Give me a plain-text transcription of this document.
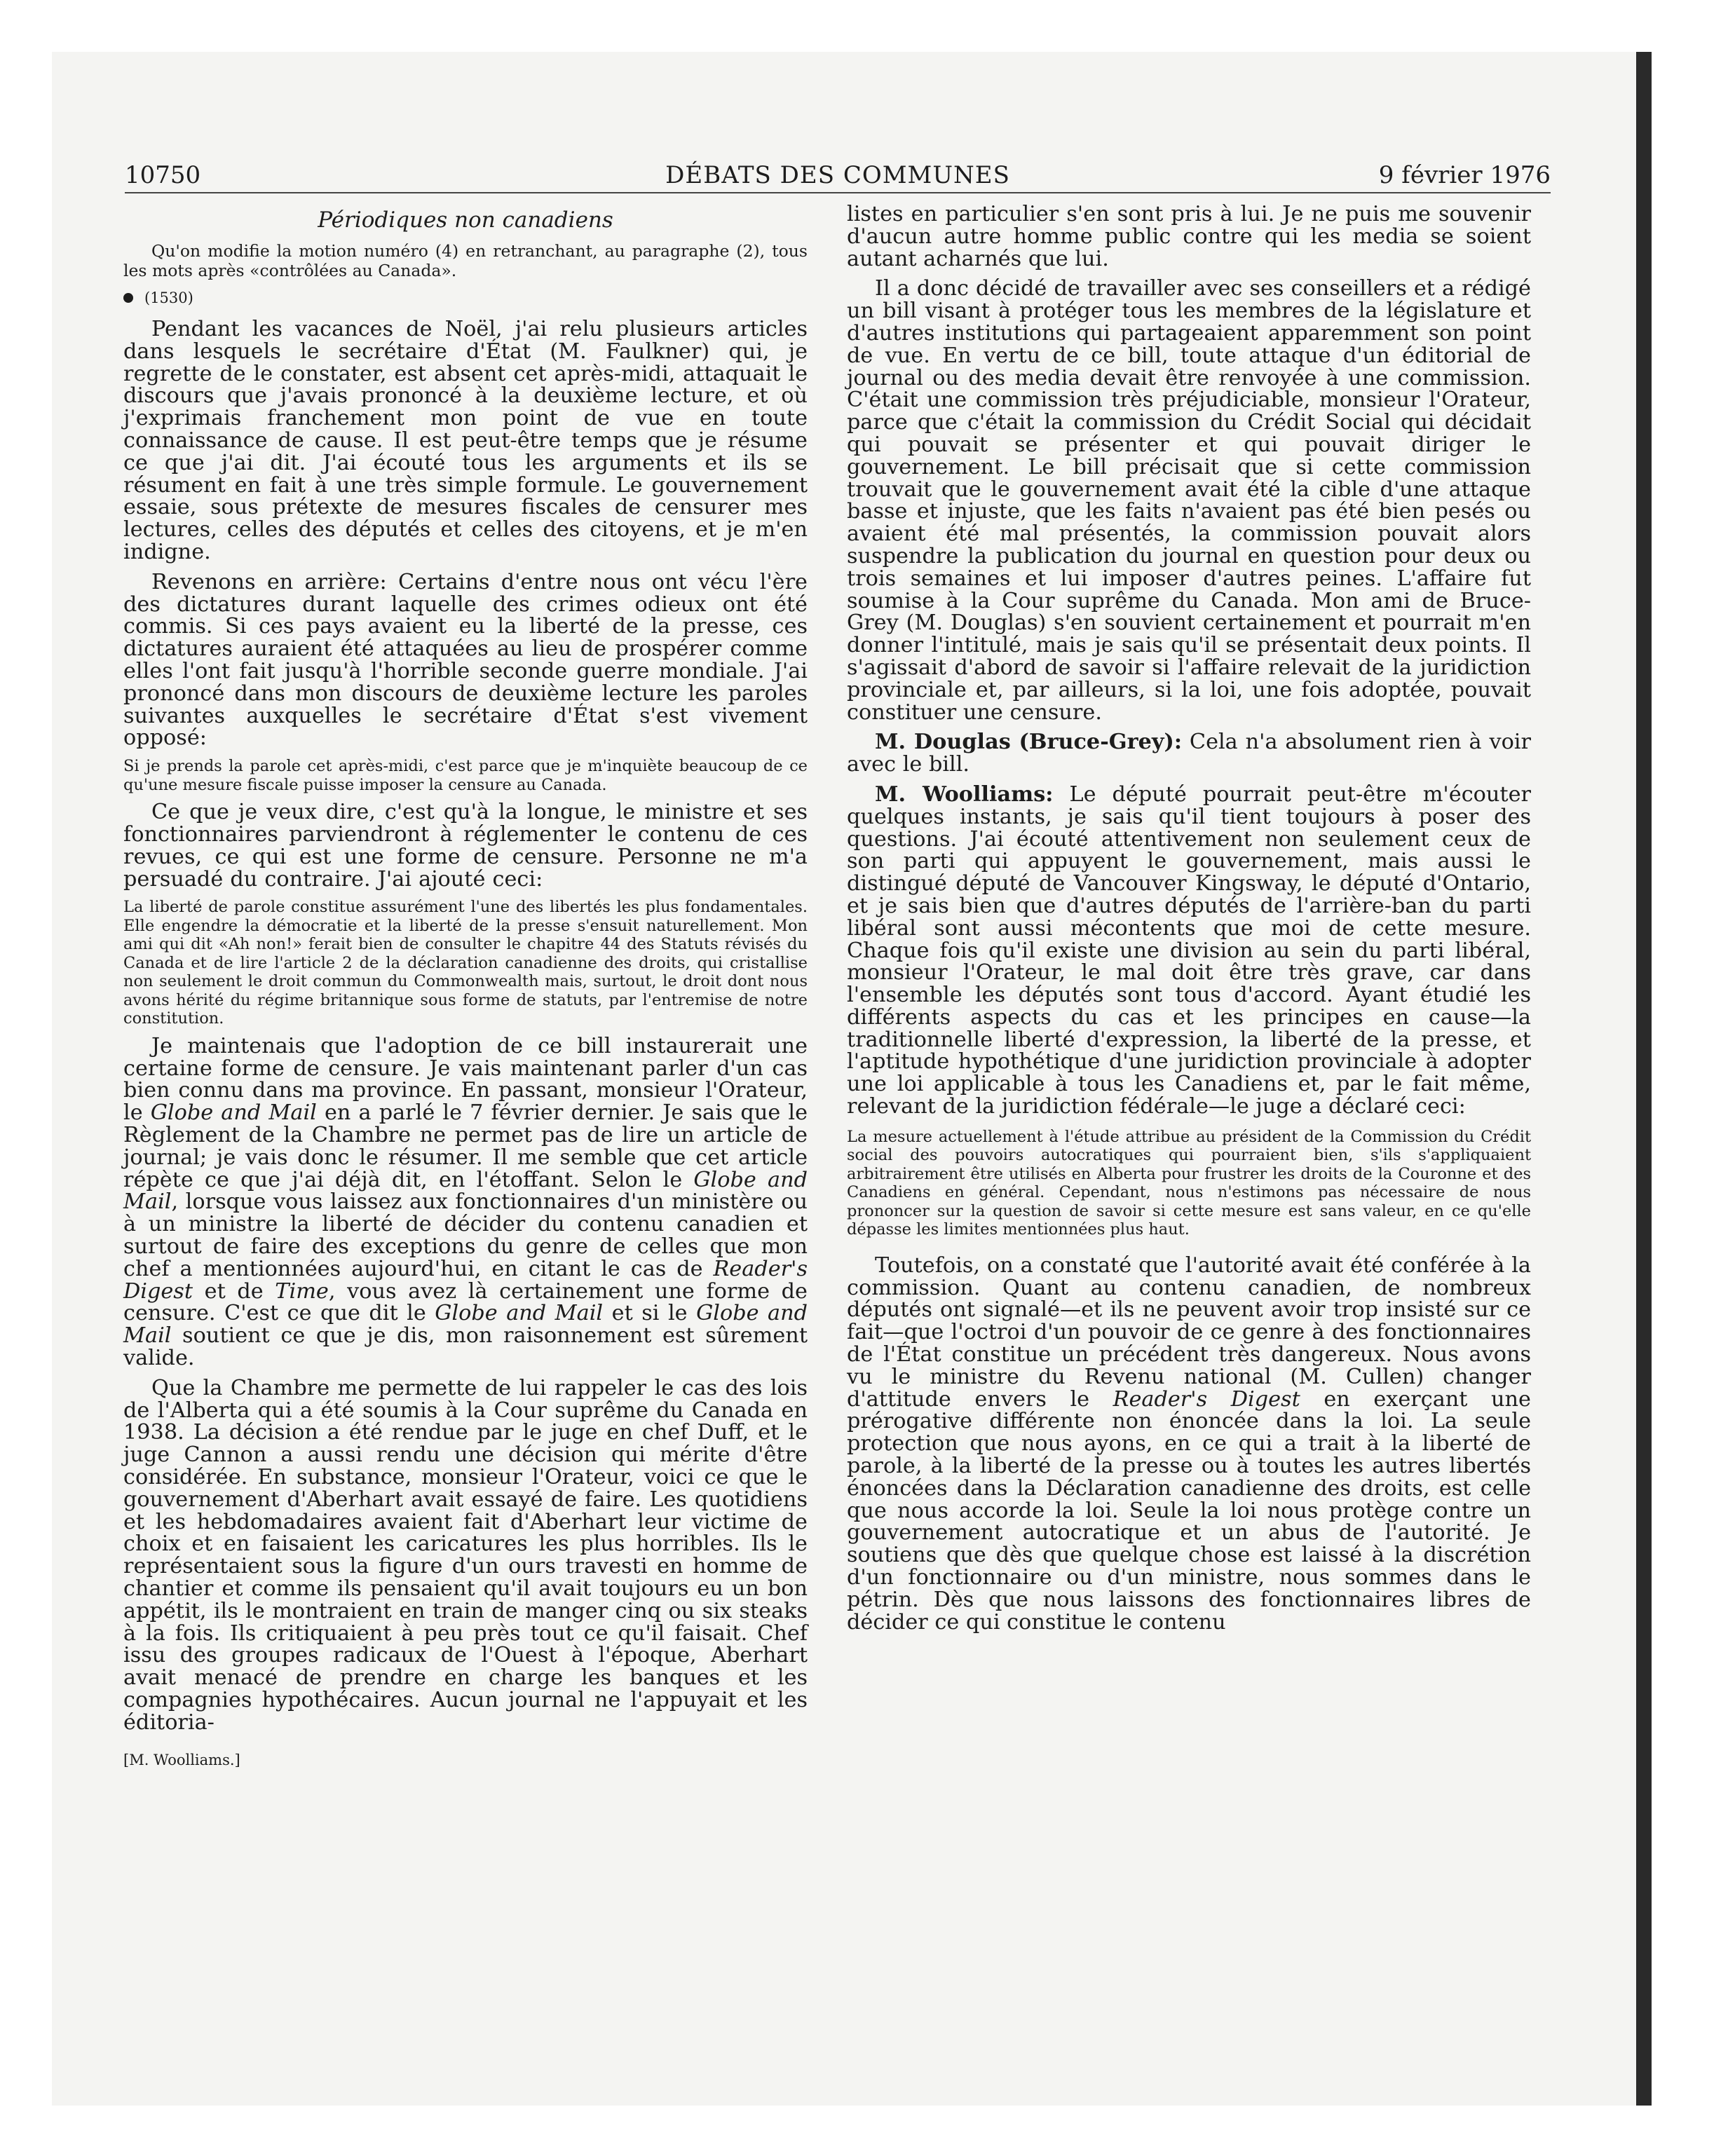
10750	DÉBATS DES COMMUNES	9 février 1976
Périodiques non canadiens

Qu'on modifie la motion numéro (4) en retranchant, au paragraphe (2), tous les mots après «contrôlées au Canada».

(1530)

Pendant les vacances de Noël, j'ai relu plusieurs articles dans lesquels le secrétaire d'État (M. Faulkner) qui, je regrette de le constater, est absent cet après-midi, attaquait le discours que j'avais prononcé à la deuxième lecture, et où j'exprimais franchement mon point de vue en toute connaissance de cause. Il est peut-être temps que je résume ce que j'ai dit. J'ai écouté tous les arguments et ils se résument en fait à une très simple formule. Le gouvernement essaie, sous prétexte de mesures fiscales de censurer mes lectures, celles des députés et celles des citoyens, et je m'en indigne.

Revenons en arrière: Certains d'entre nous ont vécu l'ère des dictatures durant laquelle des crimes odieux ont été commis. Si ces pays avaient eu la liberté de la presse, ces dictatures auraient été attaquées au lieu de prospérer comme elles l'ont fait jusqu'à l'horrible seconde guerre mondiale. J'ai prononcé dans mon discours de deuxième lecture les paroles suivantes auxquelles le secrétaire d'État s'est vivement opposé:

Si je prends la parole cet après-midi, c'est parce que je m'inquiète beaucoup de ce qu'une mesure fiscale puisse imposer la censure au Canada.

Ce que je veux dire, c'est qu'à la longue, le ministre et ses fonctionnaires parviendront à réglementer le contenu de ces revues, ce qui est une forme de censure. Personne ne m'a persuadé du contraire. J'ai ajouté ceci:

La liberté de parole constitue assurément l'une des libertés les plus fondamentales. Elle engendre la démocratie et la liberté de la presse s'ensuit naturellement. Mon ami qui dit «Ah non!» ferait bien de consulter le chapitre 44 des Statuts révisés du Canada et de lire l'article 2 de la déclaration canadienne des droits, qui cristallise non seulement le droit commun du Commonwealth mais, surtout, le droit dont nous avons hérité du régime britannique sous forme de statuts, par l'entremise de notre constitution.

Je maintenais que l'adoption de ce bill instaurerait une certaine forme de censure. Je vais maintenant parler d'un cas bien connu dans ma province. En passant, monsieur l'Orateur, le Globe and Mail en a parlé le 7 février dernier. Je sais que le Règlement de la Chambre ne permet pas de lire un article de journal; je vais donc le résumer. Il me semble que cet article répète ce que j'ai déjà dit, en l'étoffant. Selon le Globe and Mail, lorsque vous laissez aux fonctionnaires d'un ministère ou à un ministre la liberté de décider du contenu canadien et surtout de faire des exceptions du genre de celles que mon chef a mentionnées aujourd'hui, en citant le cas de Reader's Digest et de Time, vous avez là certainement une forme de censure. C'est ce que dit le Globe and Mail et si le Globe and Mail soutient ce que je dis, mon raisonnement est sûrement valide.

Que la Chambre me permette de lui rappeler le cas des lois de l'Alberta qui a été soumis à la Cour suprême du Canada en 1938. La décision a été rendue par le juge en chef Duff, et le juge Cannon a aussi rendu une décision qui mérite d'être considérée. En substance, monsieur l'Orateur, voici ce que le gouvernement d'Aberhart avait essayé de faire. Les quotidiens et les hebdomadaires avaient fait d'Aberhart leur victime de choix et en faisaient les caricatures les plus horribles. Ils le représentaient sous la figure d'un ours travesti en homme de chantier et comme ils pensaient qu'il avait toujours eu un bon appétit, ils le montraient en train de manger cinq ou six steaks à la fois. Ils critiquaient à peu près tout ce qu'il faisait. Chef issu des groupes radicaux de l'Ouest à l'époque, Aberhart avait menacé de prendre en charge les banques et les compagnies hypothécaires. Aucun journal ne l'appuyait et les éditoria-

[M. Woolliams.]

listes en particulier s'en sont pris à lui. Je ne puis me souvenir d'aucun autre homme public contre qui les media se soient autant acharnés que lui.

Il a donc décidé de travailler avec ses conseillers et a rédigé un bill visant à protéger tous les membres de la législature et d'autres institutions qui partageaient apparemment son point de vue. En vertu de ce bill, toute attaque d'un éditorial de journal ou des media devait être renvoyée à une commission. C'était une commission très préjudiciable, monsieur l'Orateur, parce que c'était la commission du Crédit Social qui décidait qui pouvait se présenter et qui pouvait diriger le gouvernement. Le bill précisait que si cette commission trouvait que le gouvernement avait été la cible d'une attaque basse et injuste, que les faits n'avaient pas été bien pesés ou avaient été mal présentés, la commission pouvait alors suspendre la publication du journal en question pour deux ou trois semaines et lui imposer d'autres peines. L'affaire fut soumise à la Cour suprême du Canada. Mon ami de Bruce-Grey (M. Douglas) s'en souvient certainement et pourrait m'en donner l'intitulé, mais je sais qu'il se présentait deux points. Il s'agissait d'abord de savoir si l'affaire relevait de la juridiction provinciale et, par ailleurs, si la loi, une fois adoptée, pouvait constituer une censure.

M. Douglas (Bruce-Grey): Cela n'a absolument rien à voir avec le bill.

M. Woolliams: Le député pourrait peut-être m'écouter quelques instants, je sais qu'il tient toujours à poser des questions. J'ai écouté attentivement non seulement ceux de son parti qui appuyent le gouvernement, mais aussi le distingué député de Vancouver Kingsway, le député d'Ontario, et je sais bien que d'autres députés de l'arrière-ban du parti libéral sont aussi mécontents que moi de cette mesure. Chaque fois qu'il existe une division au sein du parti libéral, monsieur l'Orateur, le mal doit être très grave, car dans l'ensemble les députés sont tous d'accord. Ayant étudié les différents aspects du cas et les principes en cause—la traditionnelle liberté d'expression, la liberté de la presse, et l'aptitude hypothétique d'une juridiction provinciale à adopter une loi applicable à tous les Canadiens et, par le fait même, relevant de la juridiction fédérale—le juge a déclaré ceci:

La mesure actuellement à l'étude attribue au président de la Commission du Crédit social des pouvoirs autocratiques qui pourraient bien, s'ils s'appliquaient arbitrairement être utilisés en Alberta pour frustrer les droits de la Couronne et des Canadiens en général. Cependant, nous n'estimons pas nécessaire de nous prononcer sur la question de savoir si cette mesure est sans valeur, en ce qu'elle dépasse les limites mentionnées plus haut.

Toutefois, on a constaté que l'autorité avait été conférée à la commission. Quant au contenu canadien, de nombreux députés ont signalé—et ils ne peuvent avoir trop insisté sur ce fait—que l'octroi d'un pouvoir de ce genre à des fonctionnaires de l'État constitue un précédent très dangereux. Nous avons vu le ministre du Revenu national (M. Cullen) changer d'attitude envers le Reader's Digest en exerçant une prérogative différente non énoncée dans la loi. La seule protection que nous ayons, en ce qui a trait à la liberté de parole, à la liberté de la presse ou à toutes les autres libertés énoncées dans la Déclaration canadienne des droits, est celle que nous accorde la loi. Seule la loi nous protège contre un gouvernement autocratique et un abus de l'autorité. Je soutiens que dès que quelque chose est laissé à la discrétion d'un fonctionnaire ou d'un ministre, nous sommes dans le pétrin. Dès que nous laissons des fonctionnaires libres de décider ce qui constitue le contenu
